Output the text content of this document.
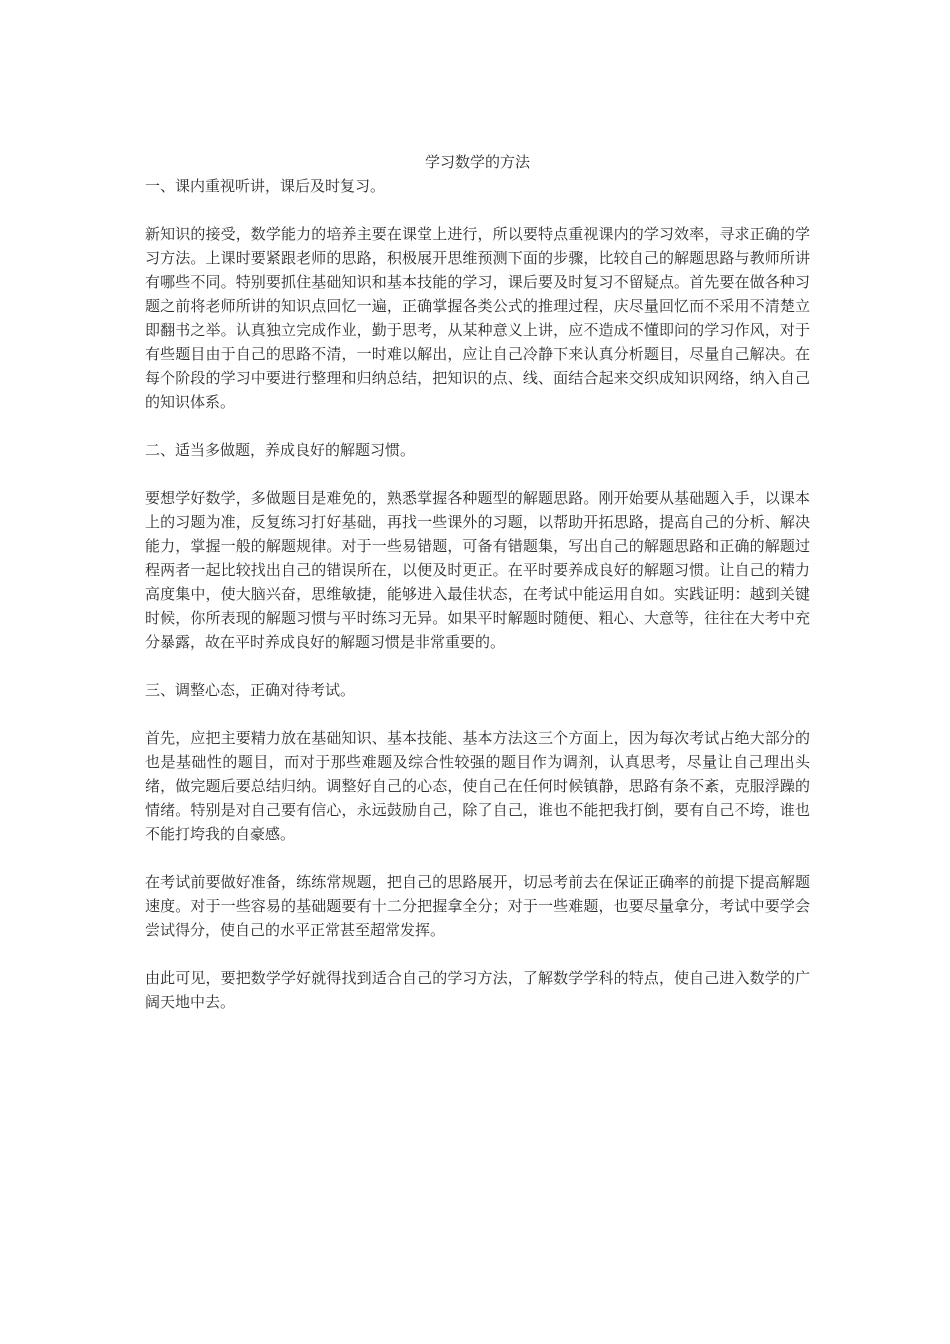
学习数学的方法
一、课内重视听讲，课后及时复习。

新知识的接受，数学能力的培养主要在课堂上进行，所以要特点重视课内的学习效率，寻求正确的学习方法。上课时要紧跟老师的思路，积极展开思维预测下面的步骤，比较自己的解题思路与教师所讲有哪些不同。特别要抓住基础知识和基本技能的学习，课后要及时复习不留疑点。首先要在做各种习题之前将老师所讲的知识点回忆一遍，正确掌握各类公式的推理过程，庆尽量回忆而不采用不清楚立即翻书之举。认真独立完成作业，勤于思考，从某种意义上讲，应不造成不懂即问的学习作风，对于有些题目由于自己的思路不清，一时难以解出，应让自己冷静下来认真分析题目，尽量自己解决。在每个阶段的学习中要进行整理和归纳总结，把知识的点、线、面结合起来交织成知识网络，纳入自己的知识体系。

二、适当多做题，养成良好的解题习惯。

要想学好数学，多做题目是难免的，熟悉掌握各种题型的解题思路。刚开始要从基础题入手，以课本上的习题为准，反复练习打好基础，再找一些课外的习题，以帮助开拓思路，提高自己的分析、解决能力，掌握一般的解题规律。对于一些易错题，可备有错题集，写出自己的解题思路和正确的解题过程两者一起比较找出自己的错误所在，以便及时更正。在平时要养成良好的解题习惯。让自己的精力高度集中，使大脑兴奋，思维敏捷，能够进入最佳状态，在考试中能运用自如。实践证明：越到关键时候，你所表现的解题习惯与平时练习无异。如果平时解题时随便、粗心、大意等，往往在大考中充分暴露，故在平时养成良好的解题习惯是非常重要的。

三、调整心态，正确对待考试。

首先，应把主要精力放在基础知识、基本技能、基本方法这三个方面上，因为每次考试占绝大部分的也是基础性的题目，而对于那些难题及综合性较强的题目作为调剂，认真思考，尽量让自己理出头绪，做完题后要总结归纳。调整好自己的心态，使自己在任何时候镇静，思路有条不紊，克服浮躁的情绪。特别是对自己要有信心，永远鼓励自己，除了自己，谁也不能把我打倒，要有自己不垮，谁也不能打垮我的自豪感。

在考试前要做好准备，练练常规题，把自己的思路展开，切忌考前去在保证正确率的前提下提高解题速度。对于一些容易的基础题要有十二分把握拿全分；对于一些难题，也要尽量拿分，考试中要学会尝试得分，使自己的水平正常甚至超常发挥。

由此可见，要把数学学好就得找到适合自己的学习方法，了解数学学科的特点，使自己进入数学的广阔天地中去。
